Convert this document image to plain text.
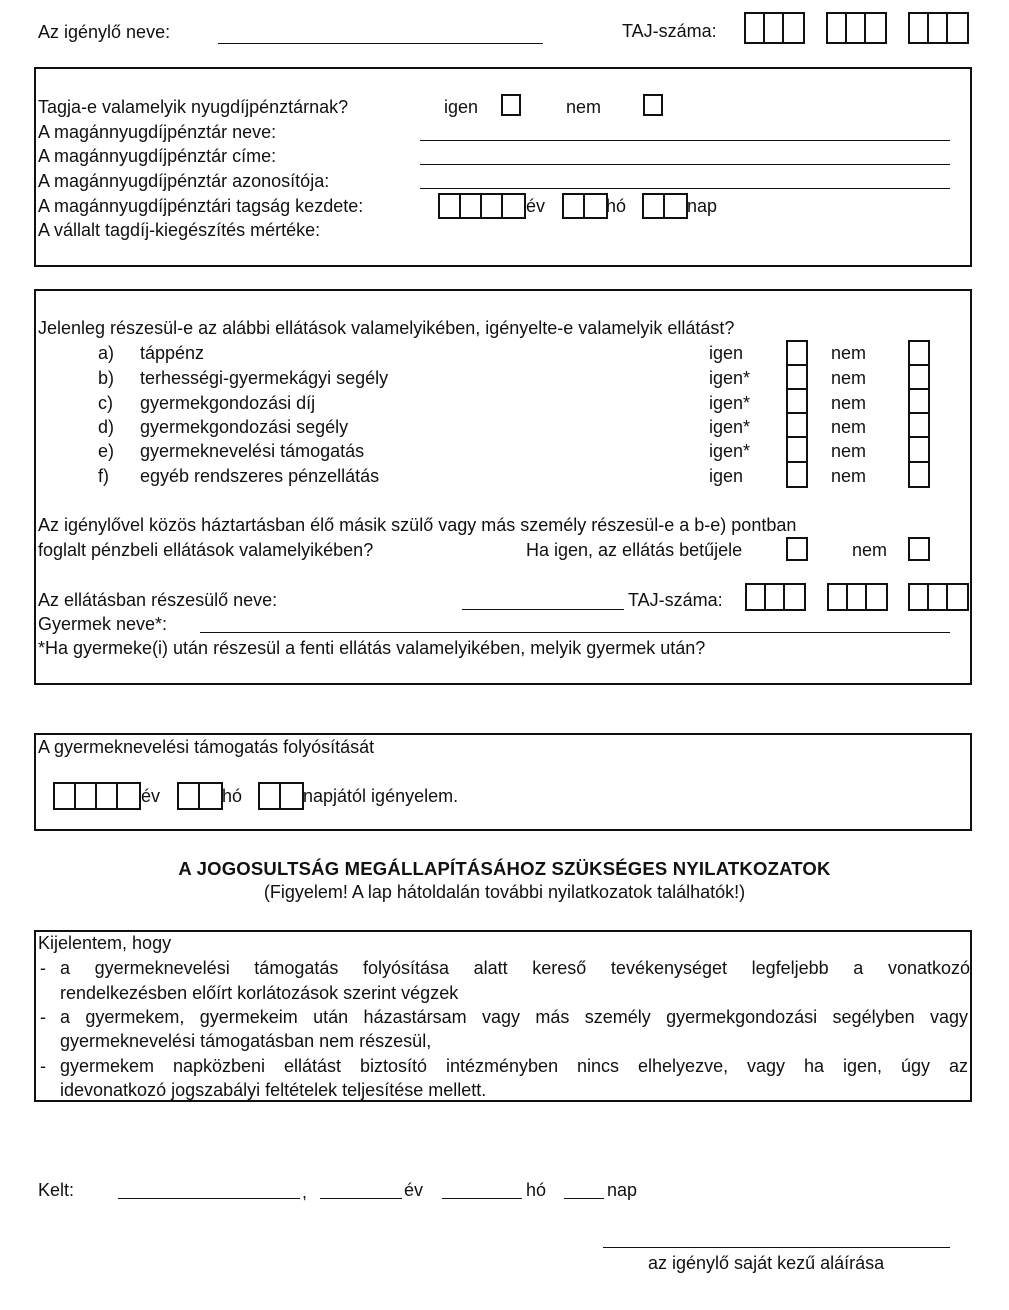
Az igénylő neve:	TAJ-száma:
Tagja-e valamelyik nyugdíjpénztárnak?	igen	nem
A magánnyugdíjpénztár neve:
A magánnyugdíjpénztár címe:
A magánnyugdíjpénztár azonosítója:
A magánnyugdíjpénztári tagság kezdete:	év	hó	nap
A vállalt tagdíj-kiegészítés mértéke:
Jelenleg részesül-e az alábbi ellátások valamelyikében, igényelte-e valamelyik ellátást?
a) táppénz	igen	nem
b) terhességi-gyermekágyi segély	igen*	nem
c) gyermekgondozási díj	igen*	nem
d) gyermekgondozási segély	igen*	nem
e) gyermeknevelési támogatás	igen*	nem
f) egyéb rendszeres pénzellátás	igen	nem
Az igénylővel közös háztartásban élő másik szülő vagy más személy részesül-e a b-e) pontban
foglalt pénzbeli ellátások valamelyikében?	Ha igen, az ellátás betűjele	nem
Az ellátásban részesülő neve:	TAJ-száma:
Gyermek neve*:
*Ha gyermeke(i) után részesül a fenti ellátás valamelyikében, melyik gyermek után?
A gyermeknevelési támogatás folyósítását
év	hó	napjától igényelem.
A JOGOSULTSÁG MEGÁLLAPÍTÁSÁHOZ SZÜKSÉGES NYILATKOZATOK
(Figyelem! A lap hátoldalán további nyilatkozatok találhatók!)
Kijelentem, hogy
- a gyermeknevelési támogatás folyósítása alatt kereső tevékenységet legfeljebb a vonatkozó
rendelkezésben előírt korlátozások szerint végzek
- a gyermekem, gyermekeim után házastársam vagy más személy gyermekgondozási segélyben vagy
gyermeknevelési támogatásban nem részesül,
- gyermekem napközbeni ellátást biztosító intézményben nincs elhelyezve, vagy ha igen, úgy az
idevonatkozó jogszabályi feltételek teljesítése mellett.
Kelt:	,	év	hó	nap
az igénylő saját kezű aláírása
